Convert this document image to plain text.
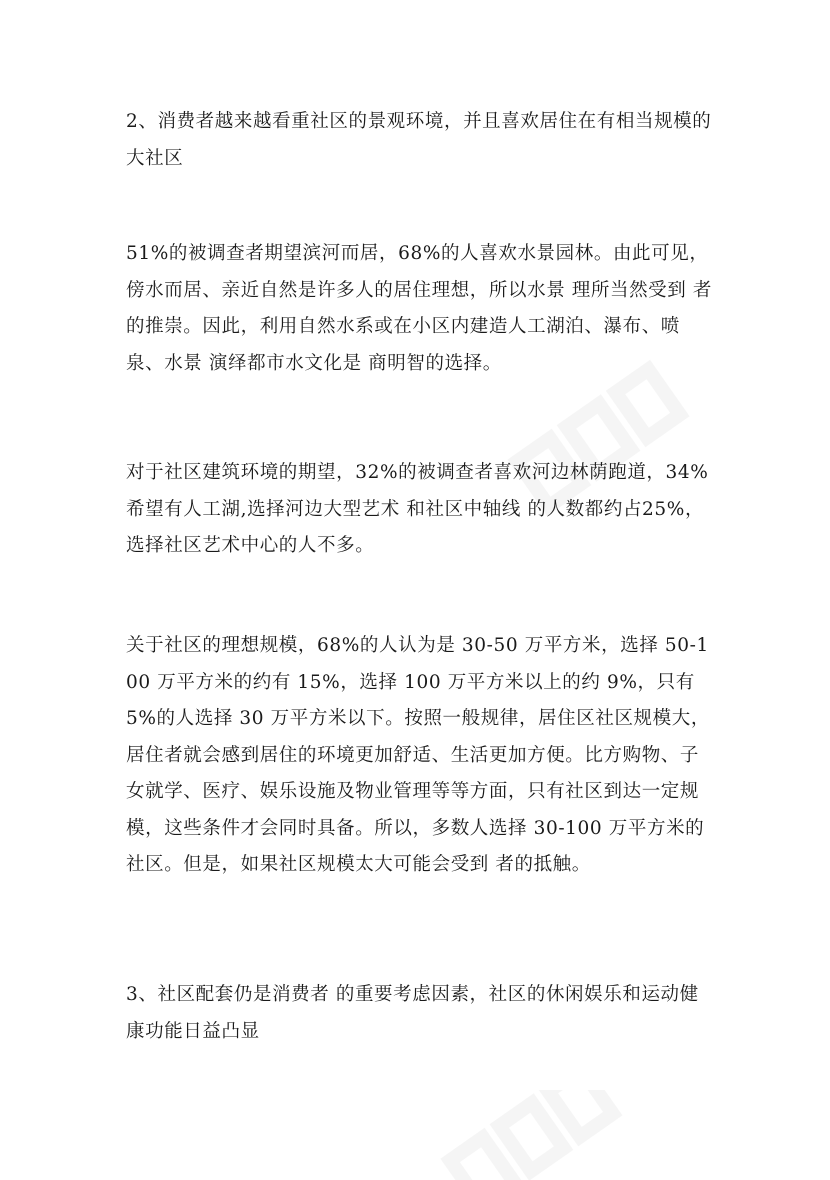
2、消费者越来越看重社区的景观环境，并且喜欢居住在有相当规模的大社区

51%的被调查者期望滨河而居，68%的人喜欢水景园林。由此可见，傍水而居、亲近自然是许多人的居住理想，所以水景 理所当然受到 者的推崇。因此，利用自然水系或在小区内建造人工湖泊、瀑布、喷泉、水景 演绎都市水文化是 商明智的选择。

对于社区建筑环境的期望，32%的被调查者喜欢河边林荫跑道，34%希望有人工湖,选择河边大型艺术 和社区中轴线 的人数都约占25%，选择社区艺术中心的人不多。

关于社区的理想规模，68%的人认为是 30-50 万平方米，选择 50-100 万平方米的约有 15%，选择 100 万平方米以上的约 9%，只有 5%的人选择 30 万平方米以下。按照一般规律，居住区社区规模大，居住者就会感到居住的环境更加舒适、生活更加方便。比方购物、子女就学、医疗、娱乐设施及物业管理等等方面，只有社区到达一定规模，这些条件才会同时具备。所以，多数人选择 30-100 万平方米的社区。但是，如果社区规模太大可能会受到 者的抵触。

3、社区配套仍是消费者 的重要考虑因素，社区的休闲娱乐和运动健康功能日益凸显
